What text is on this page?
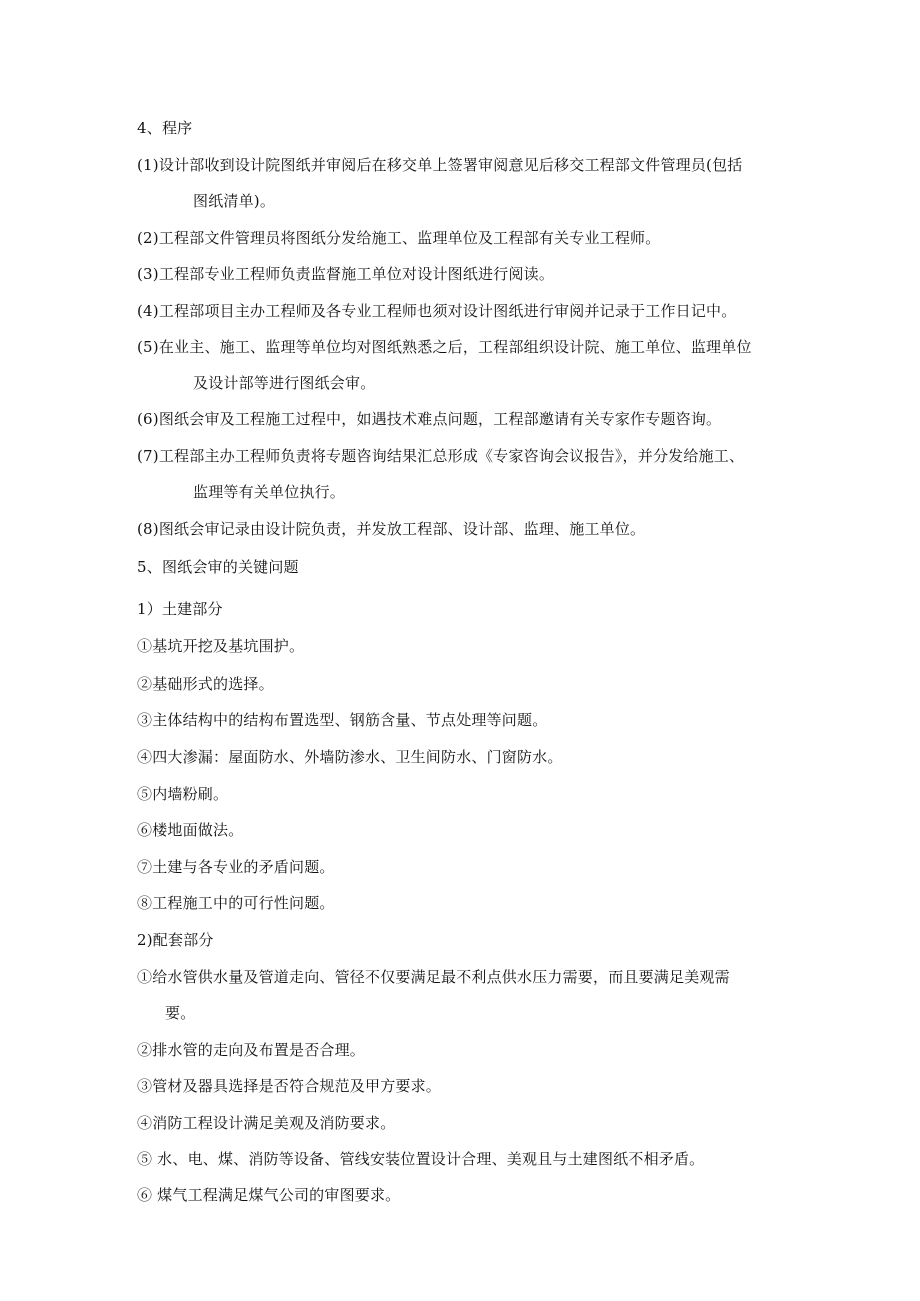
4、程序
(1)设计部收到设计院图纸并审阅后在移交单上签署审阅意见后移交工程部文件管理员(包括
图纸清单)。
(2)工程部文件管理员将图纸分发给施工、监理单位及工程部有关专业工程师。
(3)工程部专业工程师负责监督施工单位对设计图纸进行阅读。
(4)工程部项目主办工程师及各专业工程师也须对设计图纸进行审阅并记录于工作日记中。
(5)在业主、施工、监理等单位均对图纸熟悉之后，工程部组织设计院、施工单位、监理单位
及设计部等进行图纸会审。
(6)图纸会审及工程施工过程中，如遇技术难点问题，工程部邀请有关专家作专题咨询。
(7)工程部主办工程师负责将专题咨询结果汇总形成《专家咨询会议报告》，并分发给施工、
监理等有关单位执行。
(8)图纸会审记录由设计院负责，并发放工程部、设计部、监理、施工单位。
5、图纸会审的关键问题
1）土建部分
①基坑开挖及基坑围护。
②基础形式的选择。
③主体结构中的结构布置选型、钢筋含量、节点处理等问题。
④四大渗漏：屋面防水、外墙防渗水、卫生间防水、门窗防水。
⑤内墙粉刷。
⑥楼地面做法。
⑦土建与各专业的矛盾问题。
⑧工程施工中的可行性问题。
2)配套部分
①给水管供水量及管道走向、管径不仅要满足最不利点供水压力需要，而且要满足美观需
要。
②排水管的走向及布置是否合理。
③管材及器具选择是否符合规范及甲方要求。
④消防工程设计满足美观及消防要求。
⑤ 水、电、煤、消防等设备、管线安装位置设计合理、美观且与土建图纸不相矛盾。
⑥ 煤气工程满足煤气公司的审图要求。
